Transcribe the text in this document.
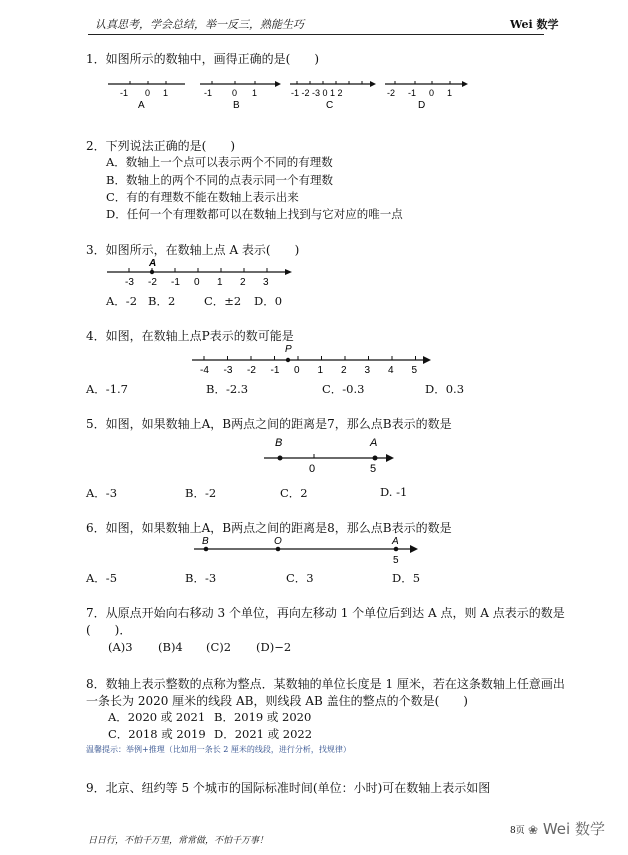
认真思考，学会总结，举一反三，熟能生巧	Wei 数学
1．如图所示的数轴中，画得正确的是(　　)
-1 0 1
A
-1 0 1
B
-1 -2 -3 0 1 2
C
-2 -1 0 1
D
2．下列说法正确的是(　　)
A．数轴上一个点可以表示两个不同的有理数
B．数轴上的两个不同的点表示同一个有理数
C．有的有理数不能在数轴上表示出来
D．任何一个有理数都可以在数轴上找到与它对应的唯一点
3．如图所示，在数轴上点 A 表示(　　)
-3 -2 -1 0 1 2 3
A
A．-2 B．2 C．±2 D．0
4．如图，在数轴上点P表示的数可能是
-4 -3 -2 -1 0 1 2 3 4 5
P
A．-1.7	B．-2.3	C．-0.3	D．0.3
5．如图，如果数轴上A，B两点之间的距离是7，那么点B表示的数是
B	A
0	5
A．-3	B．-2	C．2	D. -1
6．如图，如果数轴上A，B两点之间的距离是8，那么点B表示的数是
B	O	A
5
A．-5	B．-3	C．3	D．5
7．从原点开始向右移动 3 个单位，再向左移动 1 个单位后到达 A 点，则 A 点表示的数是
(　　)．
(A)3 (B)4 (C)2 (D)−2
8．数轴上表示整数的点称为整点．某数轴的单位长度是 1 厘米，若在这条数轴上任意画出
一条长为 2020 厘米的线段 AB，则线段 AB 盖住的整点的个数是(　　)
A．2020 或 2021 B．2019 或 2020
C．2018 或 2019 D．2021 或 2022
温馨提示：举例+推理（比如用一条长 2 厘米的线段，进行分析，找规律）
9．北京、纽约等 5 个城市的国际标准时间(单位：小时)可在数轴上表示如图
日日行，不怕千万里，常常做，不怕千万事！
8页 ❀ Wei 数学
